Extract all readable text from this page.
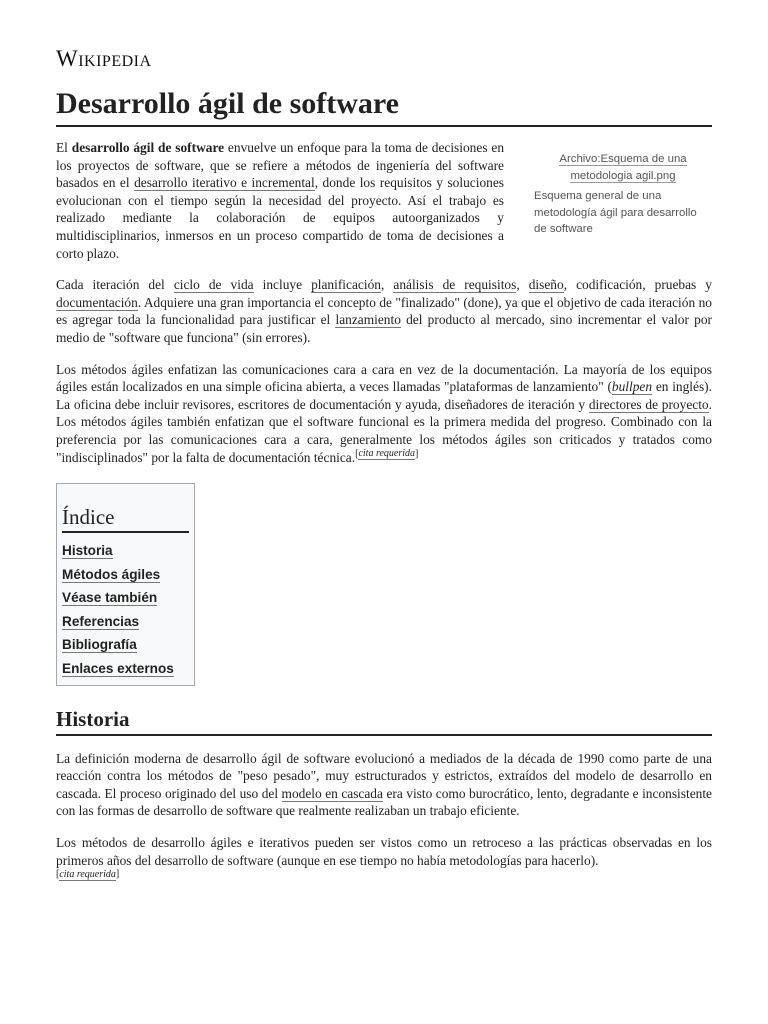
Wikipedia
Desarrollo ágil de software

El desarrollo ágil de software envuelve un enfoque para la toma de decisiones en los proyectos de software, que se refiere a métodos de ingeniería del software basados en el desarrollo iterativo e incremental, donde los requisitos y soluciones evolucionan con el tiempo según la necesidad del proyecto. Así el trabajo es realizado mediante la colaboración de equipos autoorganizados y multidisciplinarios, inmersos en un proceso compartido de toma de decisiones a corto plazo.

Archivo:Esquema de una metodologia agil.png
Esquema general de una metodología ágil para desarrollo de software

Cada iteración del ciclo de vida incluye planificación, análisis de requisitos, diseño, codificación, pruebas y documentación. Adquiere una gran importancia el concepto de "finalizado" (done), ya que el objetivo de cada iteración no es agregar toda la funcionalidad para justificar el lanzamiento del producto al mercado, sino incrementar el valor por medio de "software que funciona" (sin errores).

Los métodos ágiles enfatizan las comunicaciones cara a cara en vez de la documentación. La mayoría de los equipos ágiles están localizados en una simple oficina abierta, a veces llamadas "plataformas de lanzamiento" (bullpen en inglés). La oficina debe incluir revisores, escritores de documentación y ayuda, diseñadores de iteración y directores de proyecto. Los métodos ágiles también enfatizan que el software funcional es la primera medida del progreso. Combinado con la preferencia por las comunicaciones cara a cara, generalmente los métodos ágiles son criticados y tratados como "indisciplinados" por la falta de documentación técnica.[cita requerida]

Índice
Historia
Métodos ágiles
Véase también
Referencias
Bibliografía
Enlaces externos
Historia

La definición moderna de desarrollo ágil de software evolucionó a mediados de la década de 1990 como parte de una reacción contra los métodos de "peso pesado", muy estructurados y estrictos, extraídos del modelo de desarrollo en cascada. El proceso originado del uso del modelo en cascada era visto como burocrático, lento, degradante e inconsistente con las formas de desarrollo de software que realmente realizaban un trabajo eficiente.

Los métodos de desarrollo ágiles e iterativos pueden ser vistos como un retroceso a las prácticas observadas en los primeros años del desarrollo de software (aunque en ese tiempo no había metodologías para hacerlo).
[cita requerida]
